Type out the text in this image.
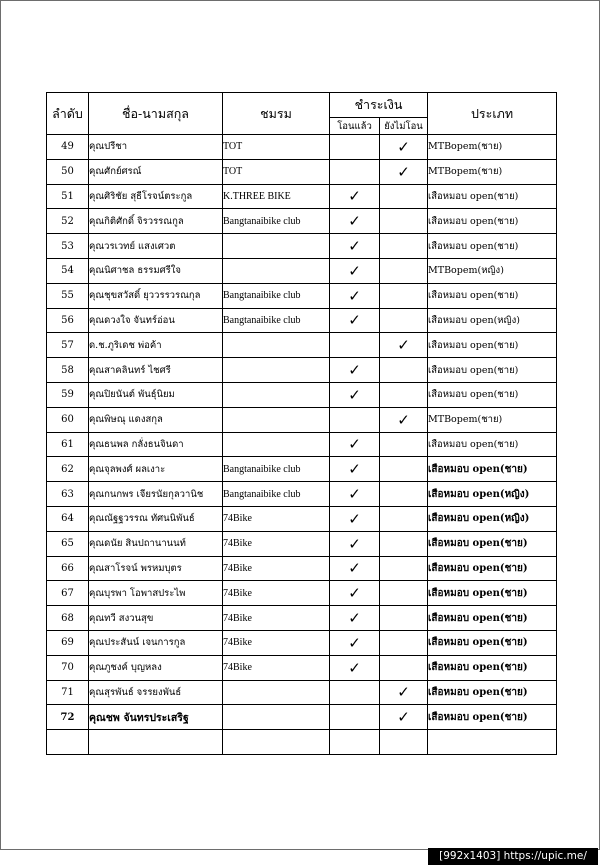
ลำดับ	ชื่อ-นามสกุล	ชมรม	ชำระเงิน		ประเภท
			โอนแล้ว	ยังไม่โอน	
49	คุณปรีชา	TOT		✓	MTBopem(ชาย)
50	คุณศักย์ศรณ์	TOT		✓	MTBopem(ชาย)
51	คุณศิริชัย สุธีโรจน์ตระกูล	K.THREE BIKE	✓		เสือหมอบ open(ชาย)
52	คุณกิติศักดิ์ จิรวรรณกูล	Bangtanaibike club	✓		เสือหมอบ open(ชาย)
53	คุณวรเวทย์ แสงเศวต		✓		เสือหมอบ open(ชาย)
54	คุณนิศาชล ธรรมศรีใจ		✓		MTBopem(หญิง)
55	คุณชุขสวัสดิ์ ยุววรรวรณกุล	Bangtanaibike club	✓		เสือหมอบ open(ชาย)
56	คุณดวงใจ จันทร์อ่อน	Bangtanaibike club	✓		เสือหมอบ open(หญิง)
57	ด.ช.ภูริเดช พ่อค้า			✓	เสือหมอบ open(ชาย)
58	คุณสาคลินทร์ ไชศรี		✓		เสือหมอบ open(ชาย)
59	คุณปิยนันต์ พันธุ์นิยม		✓		เสือหมอบ open(ชาย)
60	คุณพิษณุ แดงสกุล			✓	MTBopem(ชาย)
61	คุณธนพล กลั่งธนจินดา		✓		เสือหมอบ open(ชาย)
62	คุณจุลพงศ์ ผลเงาะ	Bangtanaibike club	✓		เสือหมอบ open(ชาย)
63	คุณกนกพร เจียรนัยกุลวานิช	Bangtanaibike club	✓		เสือหมอบ open(หญิง)
64	คุณณัฐฐวรรณ ทัศนนิพันธ์	74Bike	✓		เสือหมอบ open(หญิง)
65	คุณดนัย สินปถานานนท์	74Bike	✓		เสือหมอบ open(ชาย)
66	คุณสาโรจน์ พรหมบุตร	74Bike	✓		เสือหมอบ open(ชาย)
67	คุณบุรพา โอพาสประไพ	74Bike	✓		เสือหมอบ open(ชาย)
68	คุณทวี สงวนสุข	74Bike	✓		เสือหมอบ open(ชาย)
69	คุณประสันน์ เจนการกูล	74Bike	✓		เสือหมอบ open(ชาย)
70	คุณภูชงค์ บุญหลง	74Bike	✓		เสือหมอบ open(ชาย)
71	คุณสุรพันธ์ จรรยงพันธ์			✓	เสือหมอบ open(ชาย)
72	คุณชพ จันทรประเสริฐ			✓	เสือหมอบ open(ชาย)

[992x1403] https://upic.me/
